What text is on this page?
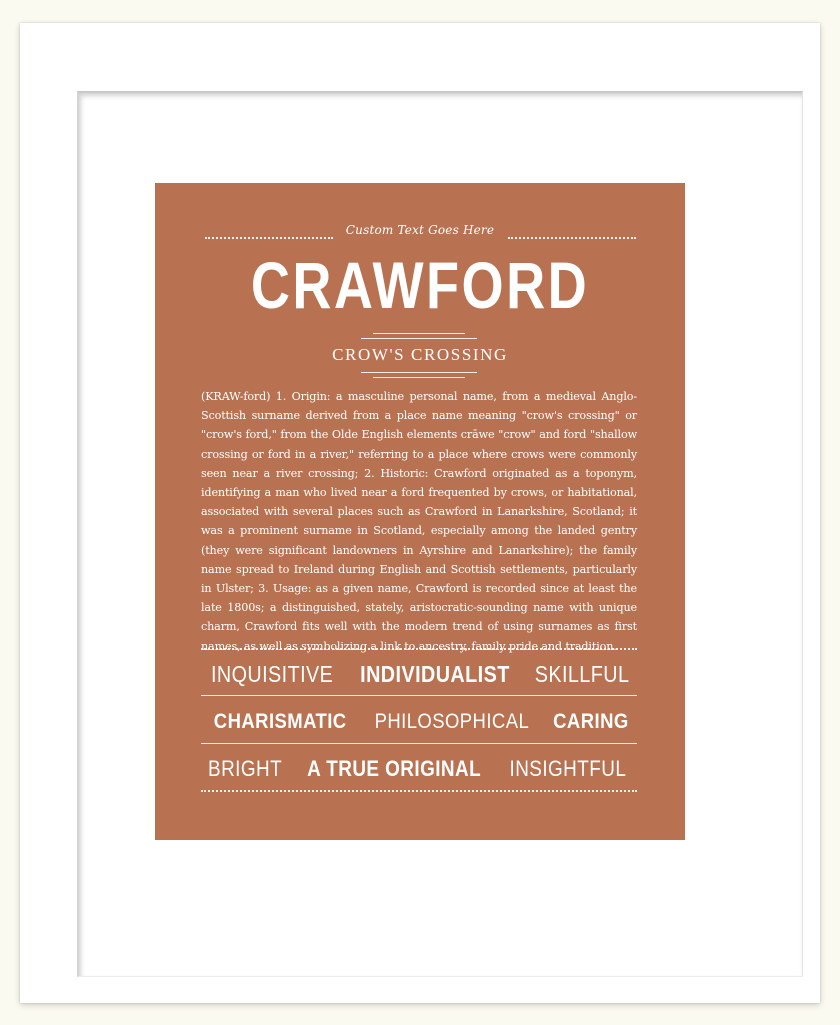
Custom Text Goes Here
CRAWFORD
CROW'S CROSSING
(KRAW-ford) 1. Origin: a masculine personal name, from a medieval Anglo-Scottish surname derived from a place name meaning "crow's crossing" or "crow's ford," from the Olde English elements crāwe "crow" and ford "shallow crossing or ford in a river," referring to a place where crows were commonly seen near a river crossing; 2. Historic: Crawford originated as a toponym, identifying a man who lived near a ford frequented by crows, or habitational, associated with several places such as Crawford in Lanarkshire, Scotland; it was a prominent surname in Scotland, especially among the landed gentry (they were significant landowners in Ayrshire and Lanarkshire); the family name spread to Ireland during English and Scottish settlements, particularly in Ulster; 3. Usage: as a given name, Crawford is recorded since at least the late 1800s; a distinguished, stately, aristocratic-sounding name with unique charm, Crawford fits well with the modern trend of using surnames as first names, as well as symbolizing a link to ancestry, family pride and tradition.
INQUISITIVE INDIVIDUALIST SKILLFUL
CHARISMATIC PHILOSOPHICAL CARING
BRIGHT A TRUE ORIGINAL INSIGHTFUL
